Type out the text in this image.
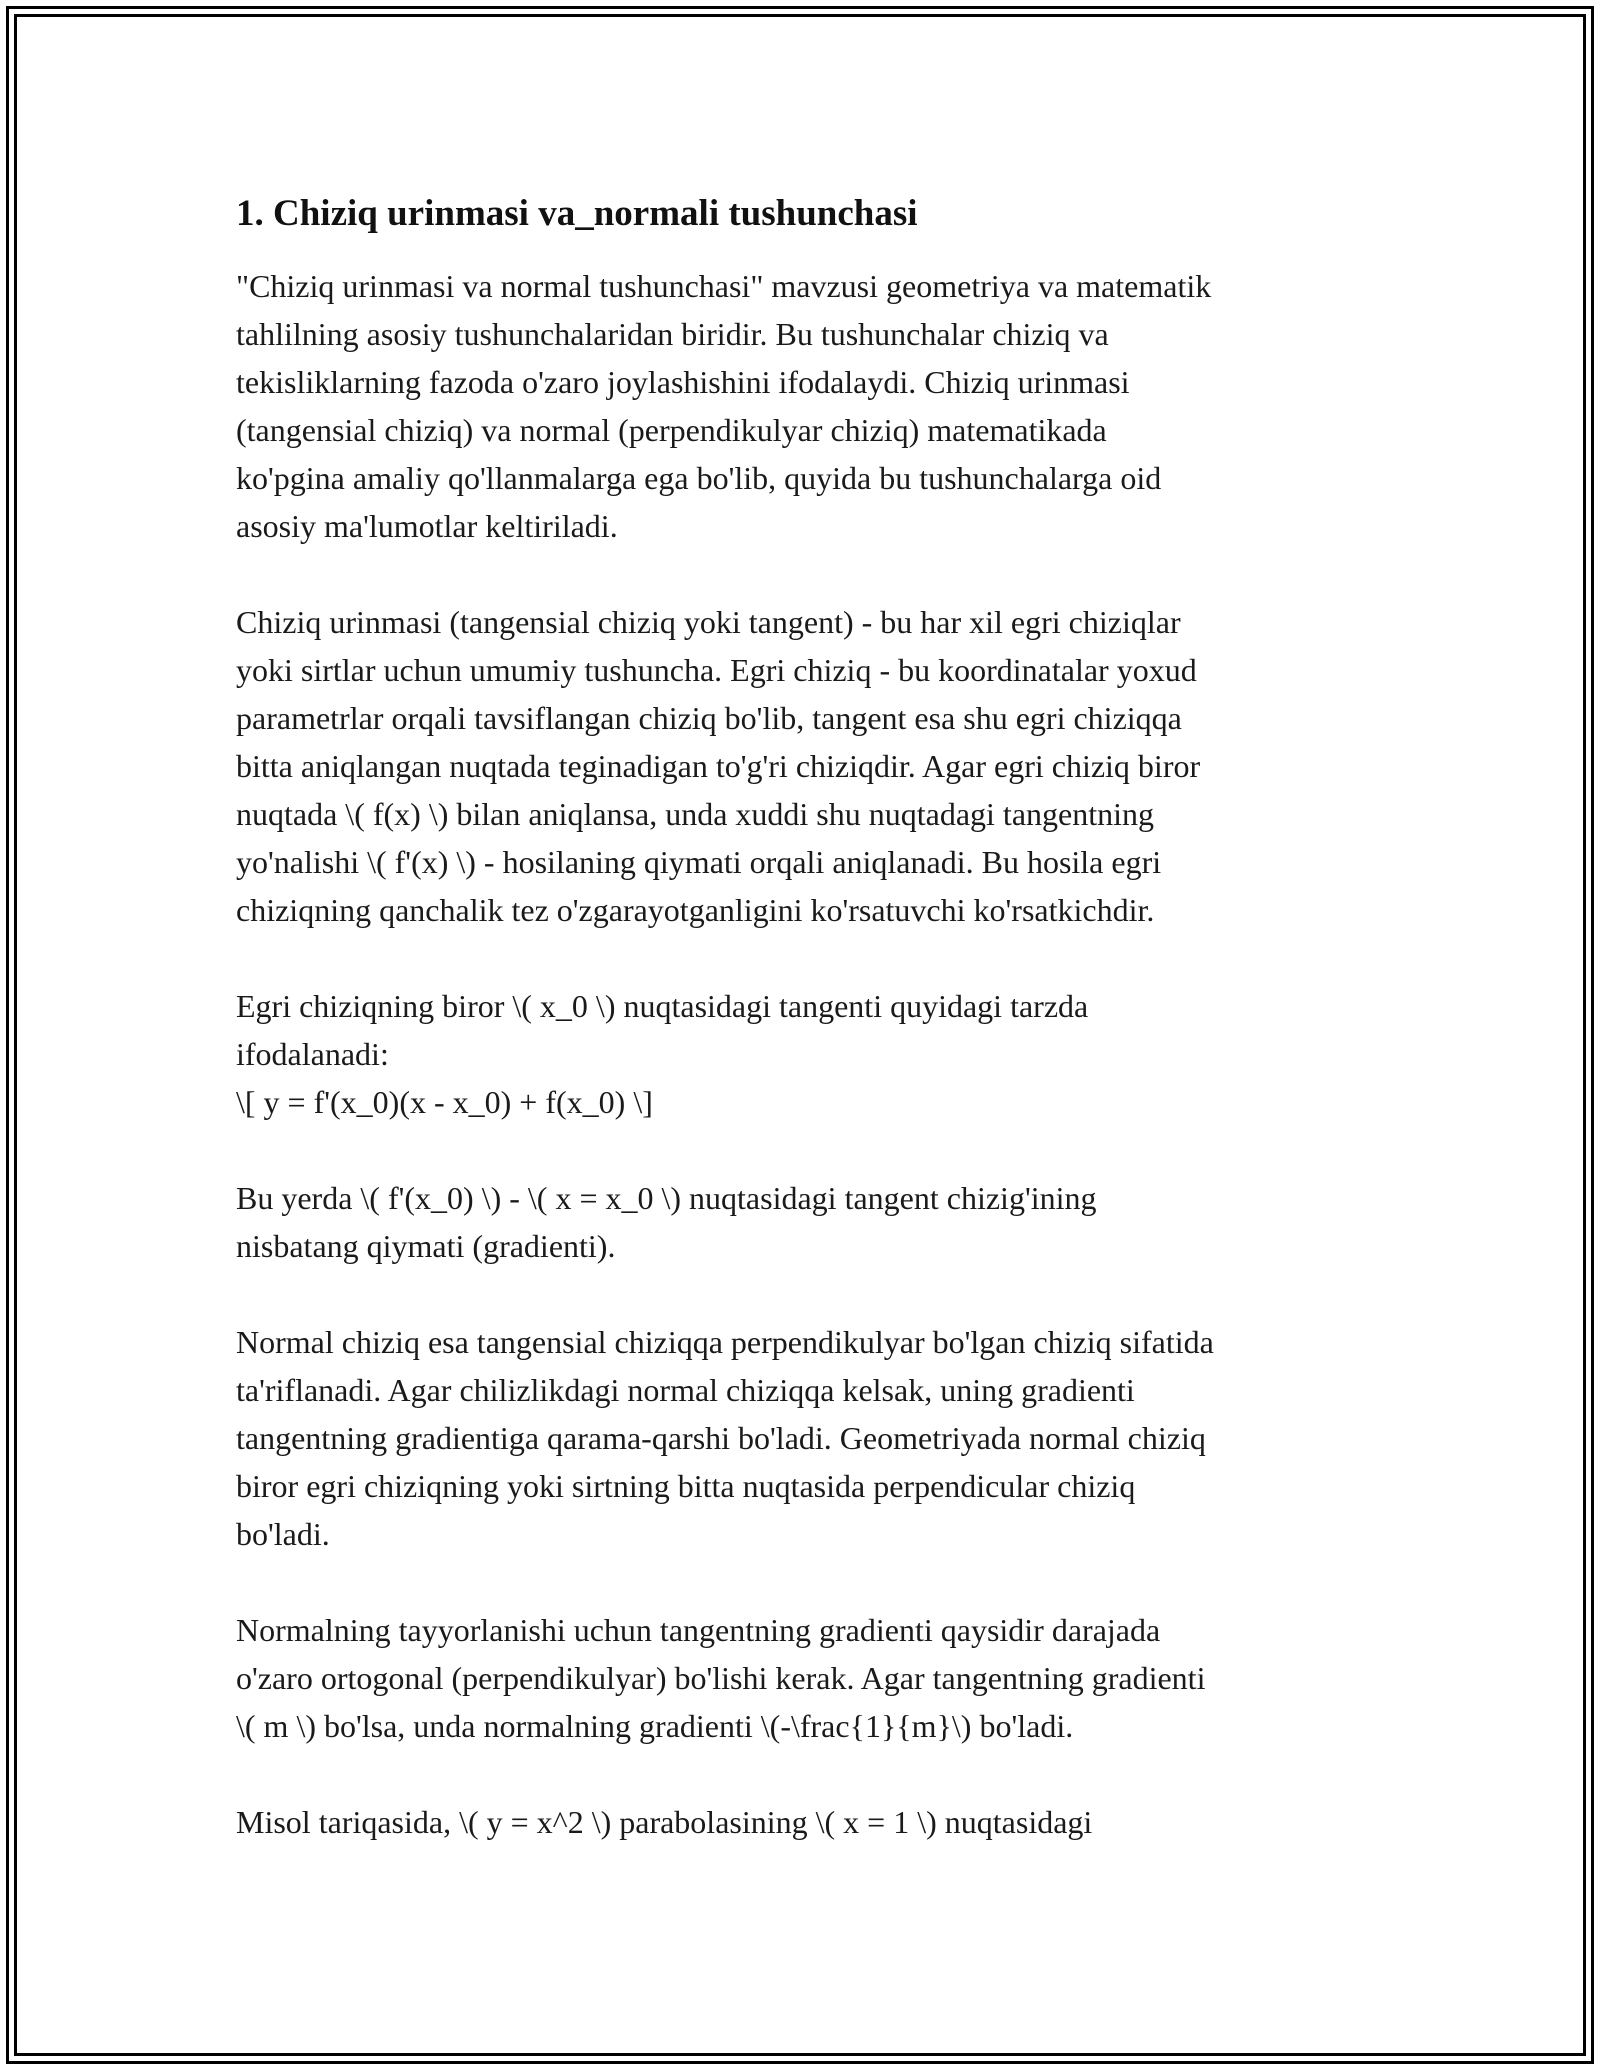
1. Chiziq urinmasi va_normali tushunchasi

"Chiziq urinmasi va normal tushunchasi" mavzusi geometriya va matematik
tahlilning asosiy tushunchalaridan biridir. Bu tushunchalar chiziq va
tekisliklarning fazoda o'zaro joylashishini ifodalaydi. Chiziq urinmasi
(tangensial chiziq) va normal (perpendikulyar chiziq) matematikada
ko'pgina amaliy qo'llanmalarga ega bo'lib, quyida bu tushunchalarga oid
asosiy ma'lumotlar keltiriladi.

Chiziq urinmasi (tangensial chiziq yoki tangent) - bu har xil egri chiziqlar
yoki sirtlar uchun umumiy tushuncha. Egri chiziq - bu koordinatalar yoxud
parametrlar orqali tavsiflangan chiziq bo'lib, tangent esa shu egri chiziqqa
bitta aniqlangan nuqtada teginadigan to'g'ri chiziqdir. Agar egri chiziq biror
nuqtada \( f(x) \) bilan aniqlansa, unda xuddi shu nuqtadagi tangentning
yo'nalishi \( f'(x) \) - hosilaning qiymati orqali aniqlanadi. Bu hosila egri
chiziqning qanchalik tez o'zgarayotganligini ko'rsatuvchi ko'rsatkichdir.

Egri chiziqning biror \( x_0 \) nuqtasidagi tangenti quyidagi tarzda
ifodalanadi:
\[ y = f'(x_0)(x - x_0) + f(x_0) \]

Bu yerda \( f'(x_0) \) - \( x = x_0 \) nuqtasidagi tangent chizig'ining
nisbatang qiymati (gradienti).

Normal chiziq esa tangensial chiziqqa perpendikulyar bo'lgan chiziq sifatida
ta'riflanadi. Agar chilizlikdagi normal chiziqqa kelsak, uning gradienti
tangentning gradientiga qarama-qarshi bo'ladi. Geometriyada normal chiziq
biror egri chiziqning yoki sirtning bitta nuqtasida perpendicular chiziq
bo'ladi.

Normalning tayyorlanishi uchun tangentning gradienti qaysidir darajada
o'zaro ortogonal (perpendikulyar) bo'lishi kerak. Agar tangentning gradienti
\( m \) bo'lsa, unda normalning gradienti \(-\frac{1}{m}\) bo'ladi.

Misol tariqasida, \( y = x^2 \) parabolasining \( x = 1 \) nuqtasidagi
